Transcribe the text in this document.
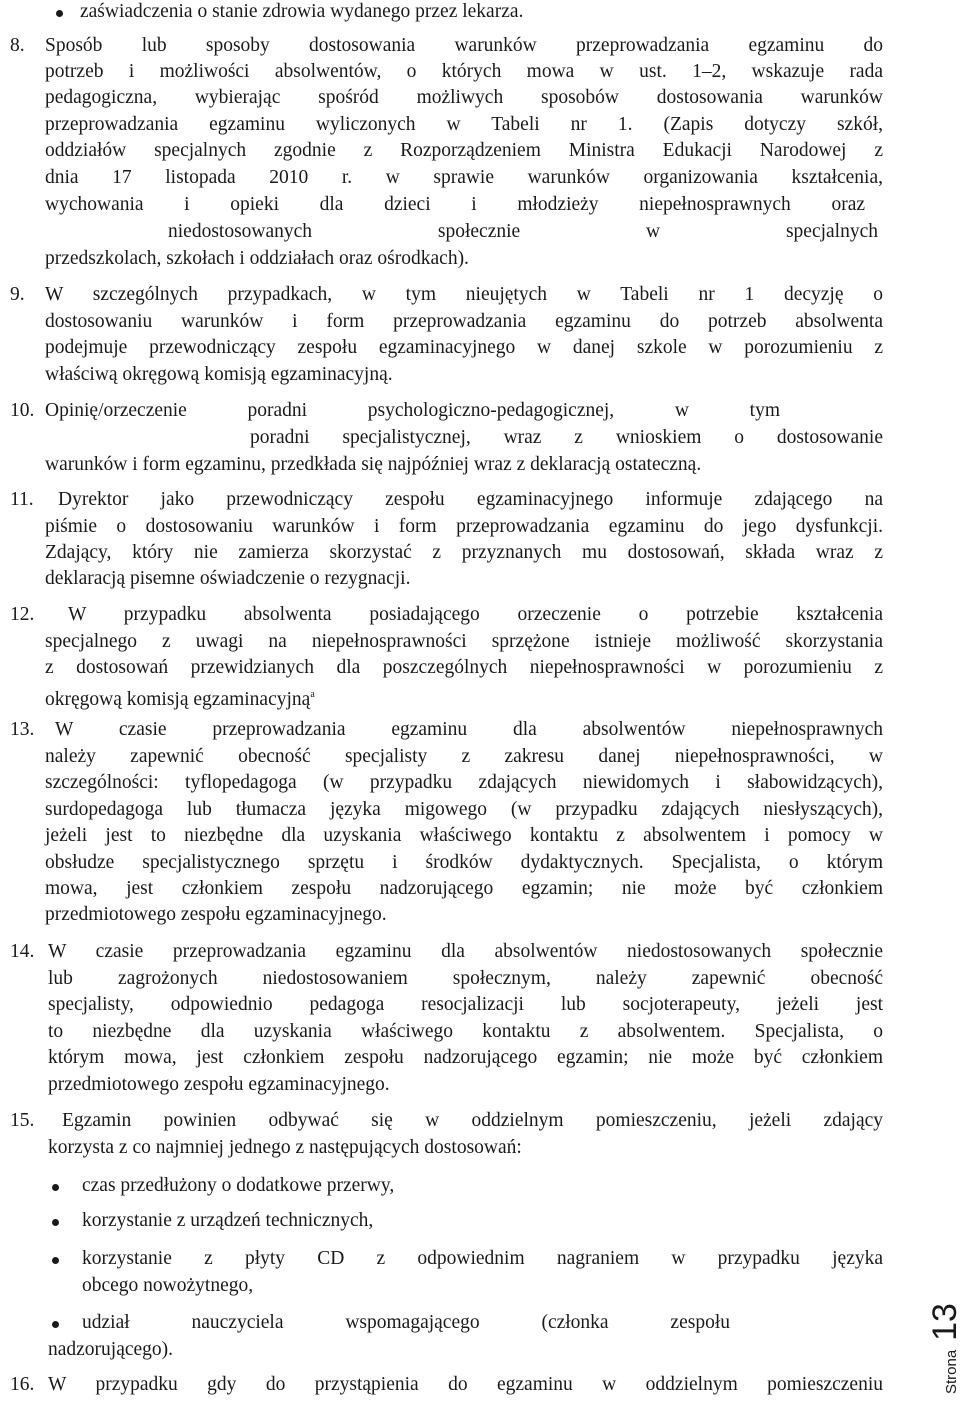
zaświadczenia o stanie zdrowia wydanego przez lekarza.
8. Sposób lub sposoby dostosowania warunków przeprowadzania egzaminu do
potrzeb i możliwości absolwentów, o których mowa w ust. 1–2, wskazuje rada
pedagogiczna, wybierając spośród możliwych sposobów dostosowania warunków
przeprowadzania egzaminu wyliczonych w Tabeli nr 1. (Zapis dotyczy szkół,
oddziałów specjalnych zgodnie z Rozporządzeniem Ministra Edukacji Narodowej z
dnia 17 listopada 2010 r. w sprawie warunków organizowania kształcenia,
wychowania i opieki dla dzieci i młodzieży niepełnosprawnych oraz
niedostosowanych społecznie w specjalnych
przedszkolach, szkołach i oddziałach oraz ośrodkach).
9. W szczególnych przypadkach, w tym nieujętych w Tabeli nr 1 decyzję o
dostosowaniu warunków i form przeprowadzania egzaminu do potrzeb absolwenta
podejmuje przewodniczący zespołu egzaminacyjnego w danej szkole w porozumieniu z
właściwą okręgową komisją egzaminacyjną.
10. Opinię/orzeczenie poradni psychologiczno-pedagogicznej, w tym
poradni specjalistycznej, wraz z wnioskiem o dostosowanie
warunków i form egzaminu, przedkłada się najpóźniej wraz z deklaracją ostateczną.
11. Dyrektor jako przewodniczący zespołu egzaminacyjnego informuje zdającego na
piśmie o dostosowaniu warunków i form przeprowadzania egzaminu do jego dysfunkcji.
Zdający, który nie zamierza skorzystać z przyznanych mu dostosowań, składa wraz z
deklaracją pisemne oświadczenie o rezygnacji.
12. W przypadku absolwenta posiadającego orzeczenie o potrzebie kształcenia
specjalnego z uwagi na niepełnosprawności sprzężone istnieje możliwość skorzystania
z dostosowań przewidzianych dla poszczególnych niepełnosprawności w porozumieniu z
okręgową komisją egzaminacyjną$^a$
13. W czasie przeprowadzania egzaminu dla absolwentów niepełnosprawnych
należy zapewnić obecność specjalisty z zakresu danej niepełnosprawności, w
szczególności: tyflopedagoga (w przypadku zdających niewidomych i słabowidzących),
surdopedagoga lub tłumacza języka migowego (w przypadku zdających niesłyszących),
jeżeli jest to niezbędne dla uzyskania właściwego kontaktu z absolwentem i pomocy w
obsłudze specjalistycznego sprzętu i środków dydaktycznych. Specjalista, o którym
mowa, jest członkiem zespołu nadzorującego egzamin; nie może być członkiem
przedmiotowego zespołu egzaminacyjnego.
14. W czasie przeprowadzania egzaminu dla absolwentów niedostosowanych społecznie
lub zagrożonych niedostosowaniem społecznym, należy zapewnić obecność
specjalisty, odpowiednio pedagoga resocjalizacji lub socjoterapeuty, jeżeli jest
to niezbędne dla uzyskania właściwego kontaktu z absolwentem. Specjalista, o
którym mowa, jest członkiem zespołu nadzorującego egzamin; nie może być członkiem
przedmiotowego zespołu egzaminacyjnego.
15. Egzamin powinien odbywać się w oddzielnym pomieszczeniu, jeżeli zdający
korzysta z co najmniej jednego z następujących dostosowań:
czas przedłużony o dodatkowe przerwy,
korzystanie z urządzeń technicznych,
korzystanie z płyty CD z odpowiednim nagraniem w przypadku języka
obcego nowożytnego,
udział nauczyciela wspomagającego (członka zespołu
nadzorującego).
16. W przypadku gdy do przystąpienia do egzaminu w oddzielnym pomieszczeniu	Strona 13
